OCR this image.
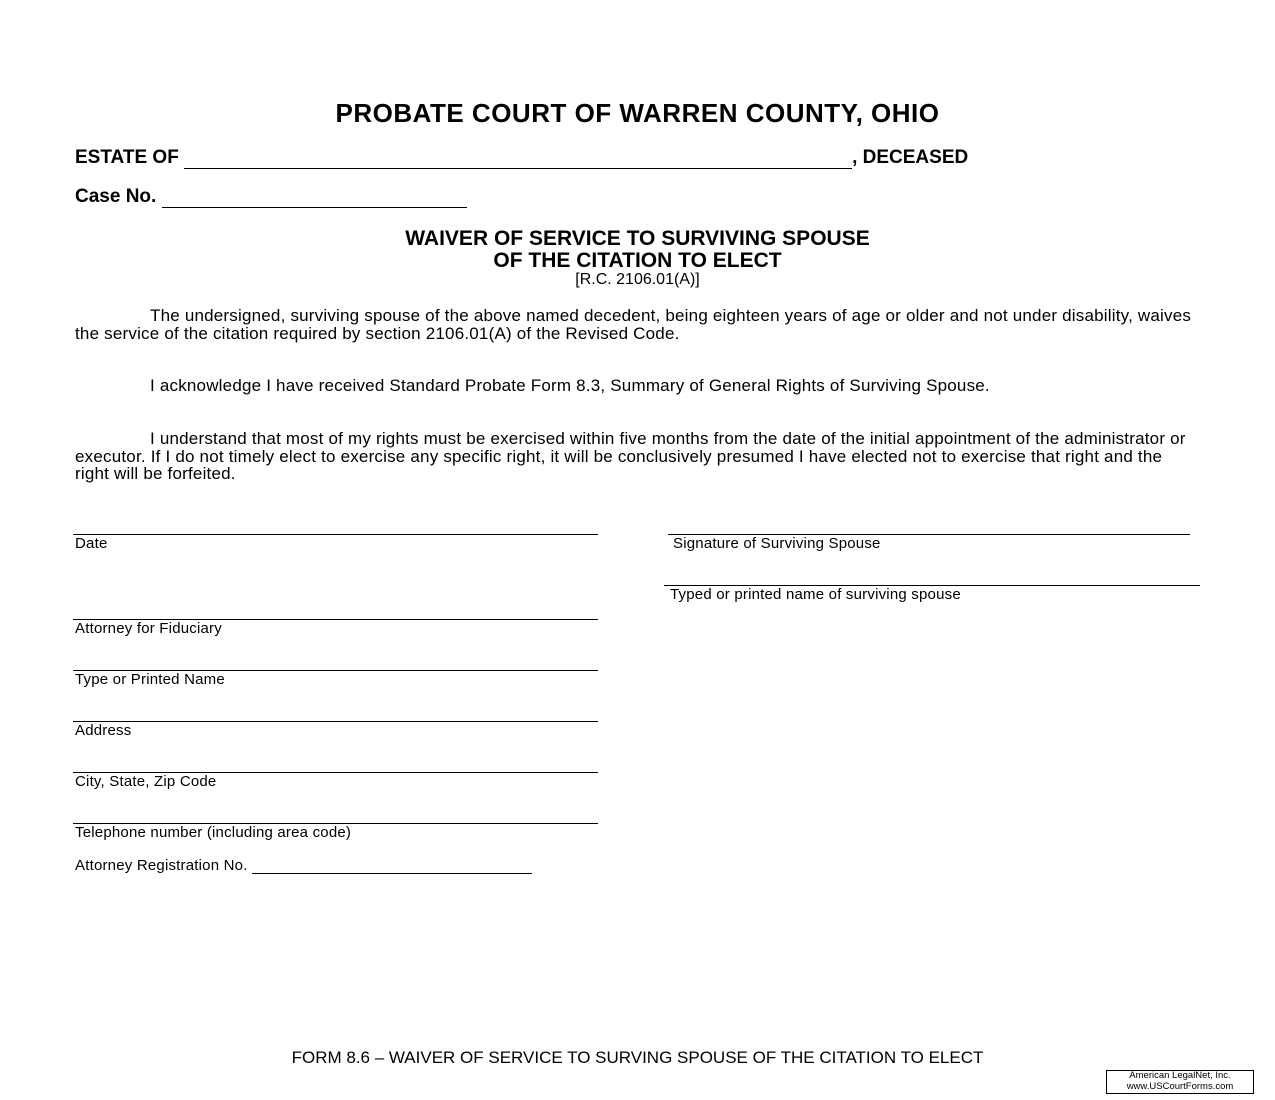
PROBATE COURT OF WARREN COUNTY, OHIO
ESTATE OF	, DECEASED
Case No.
WAIVER OF SERVICE TO SURVIVING SPOUSE
OF THE CITATION TO ELECT
[R.C. 2106.01(A)]
The undersigned, surviving spouse of the above named decedent, being eighteen years of age or older and not under disability, waives the service of the citation required by section 2106.01(A) of the Revised Code.
I acknowledge I have received Standard Probate Form 8.3, Summary of General Rights of Surviving Spouse.
I understand that most of my rights must be exercised within five months from the date of the initial appointment of the administrator or executor. If I do not timely elect to exercise any specific right, it will be conclusively presumed I have elected not to exercise that right and the right will be forfeited.
Date
Attorney for Fiduciary
Type or Printed Name
Address
City, State, Zip Code
Telephone number (including area code)
Attorney Registration No.
Signature of Surviving Spouse
Typed or printed name of surviving spouse
FORM 8.6 – WAIVER OF SERVICE TO SURVING SPOUSE OF THE CITATION TO ELECT
American LegalNet, Inc.
www.USCourtForms.com
